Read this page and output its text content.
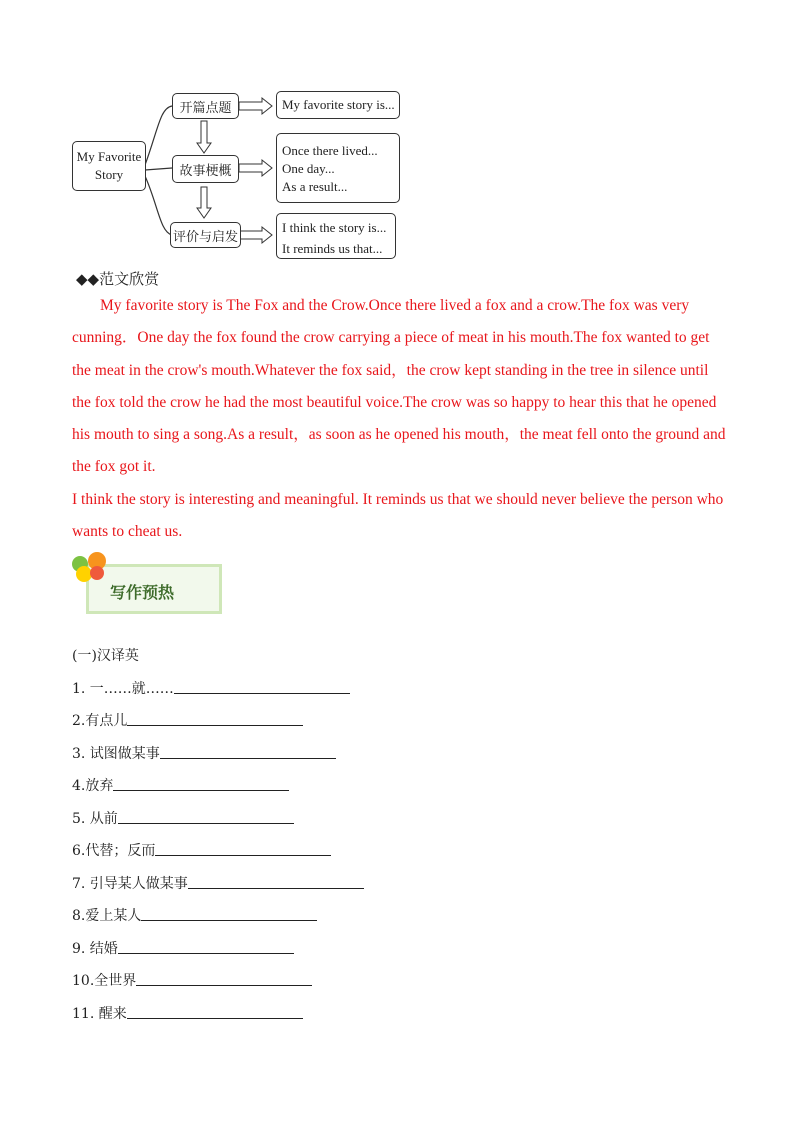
My Favorite
Story
开篇点题
故事梗概
评价与启发
My favorite story is...
Once there lived...
One day...
As a result...
I think the story is...
It reminds us that...
◆◆范文欣赏

My favorite story is The Fox and the Crow.Once there lived a fox and a crow.The fox was very cunning．One day the fox found the crow carrying a piece of meat in his mouth.The fox wanted to get the meat in the crow's mouth.Whatever the fox said，the crow kept standing in the tree in silence until the fox told the crow he had the most beautiful voice.The crow was so happy to hear this that he opened his mouth to sing a song.As a result，as soon as he opened his mouth，the meat fell onto the ground and the fox got it.

I think the story is interesting and meaningful. It reminds us that we should never believe the person who wants to cheat us.

写作预热
(一)汉译英
1. 一……就……
2.有点儿
3. 试图做某事
4.放弃
5. 从前
6.代替；反而
7. 引导某人做某事
8.爱上某人
9. 结婚
10.全世界
11. 醒来
